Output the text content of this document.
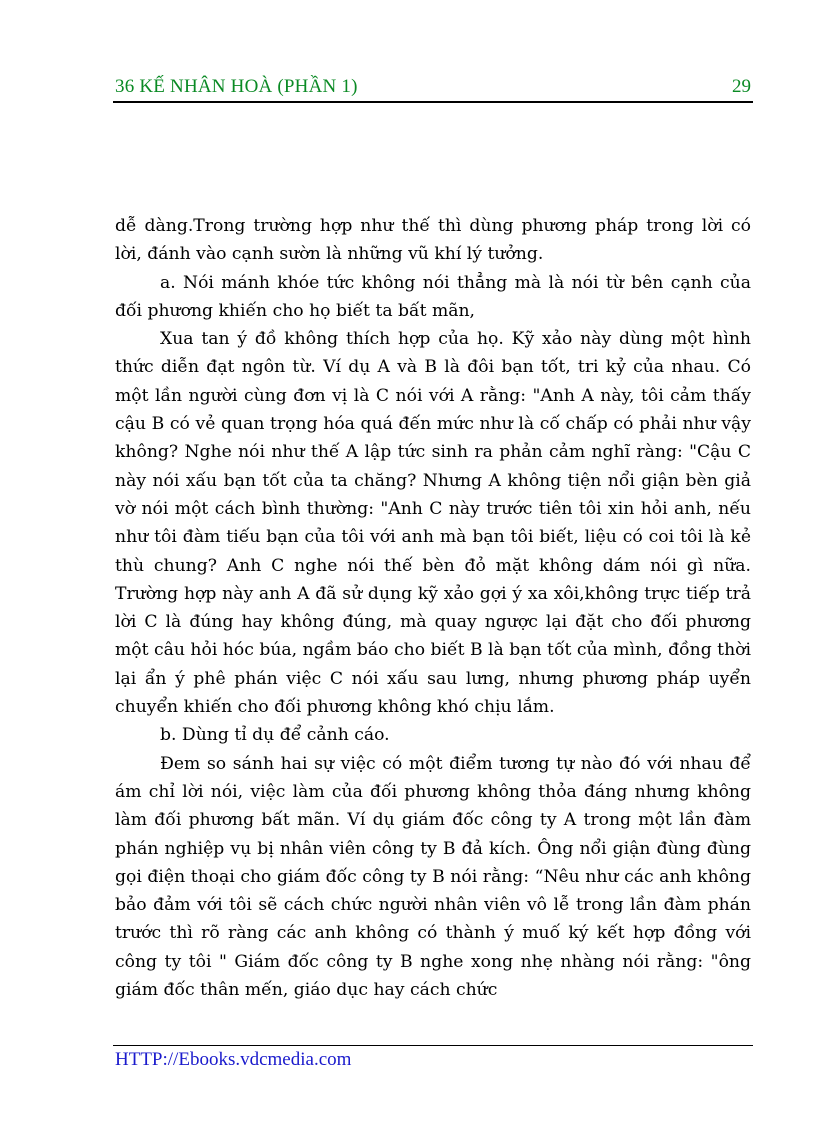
36 KẾ NHÂN HOÀ (PHẦN 1)	29

dễ dàng.Trong trường hợp như thế thì dùng phương pháp trong lời có lời, đánh vào cạnh sườn là những vũ khí lý tưởng.

a. Nói mánh khóe tức không nói thẳng mà là nói từ bên cạnh của đối phương khiến cho họ biết ta bất mãn,

Xua tan ý đồ không thích hợp của họ. Kỹ xảo này dùng một hình thức diễn đạt ngôn từ. Ví dụ A và B là đôi bạn tốt, tri kỷ của nhau. Có một lần người cùng đơn vị là C nói với A rằng: "Anh A này, tôi cảm thấy cậu B có vẻ quan trọng hóa quá đến mức như là cố chấp có phải như vậy không? Nghe nói như thế A lập tức sinh ra phản cảm nghĩ ràng: "Cậu C này nói xấu bạn tốt của ta chăng? Nhưng A không tiện nổi giận bèn giả vờ nói một cách bình thường: "Anh C này trước tiên tôi xin hỏi anh, nếu như tôi đàm tiếu bạn của tôi với anh mà bạn tôi biết, liệu có coi tôi là kẻ thù chung? Anh C nghe nói thế bèn đỏ mặt không dám nói gì nữa. Trường hợp này anh A đã sử dụng kỹ xảo gợi ý xa xôi,không trực tiếp trả lời C là đúng hay không đúng, mà quay ngược lại đặt cho đối phương một câu hỏi hóc búa, ngầm báo cho biết B là bạn tốt của mình, đồng thời lại ẩn ý phê phán việc C nói xấu sau lưng, nhưng phương pháp uyển chuyển khiến cho đối phương không khó chịu lắm.

b. Dùng tỉ dụ để cảnh cáo.

Đem so sánh hai sự việc có một điểm tương tự nào đó với nhau để ám chỉ lời nói, việc làm của đối phương không thỏa đáng nhưng không làm đối phương bất mãn. Ví dụ giám đốc công ty A trong một lần đàm phán nghiệp vụ bị nhân viên công ty B đả kích. Ông nổi giận đùng đùng gọi điện thoại cho giám đốc công ty B nói rằng: “Nêu như các anh không bảo đảm với tôi sẽ cách chức người nhân viên vô lễ trong lần đàm phán trước thì rõ ràng các anh không có thành ý muố ký kết hợp đồng với công ty tôi " Giám đốc công ty B nghe xong nhẹ nhàng nói rằng: "ông giám đốc thân mến, giáo dục hay cách chức

HTTP://Ebooks.vdcmedia.com
